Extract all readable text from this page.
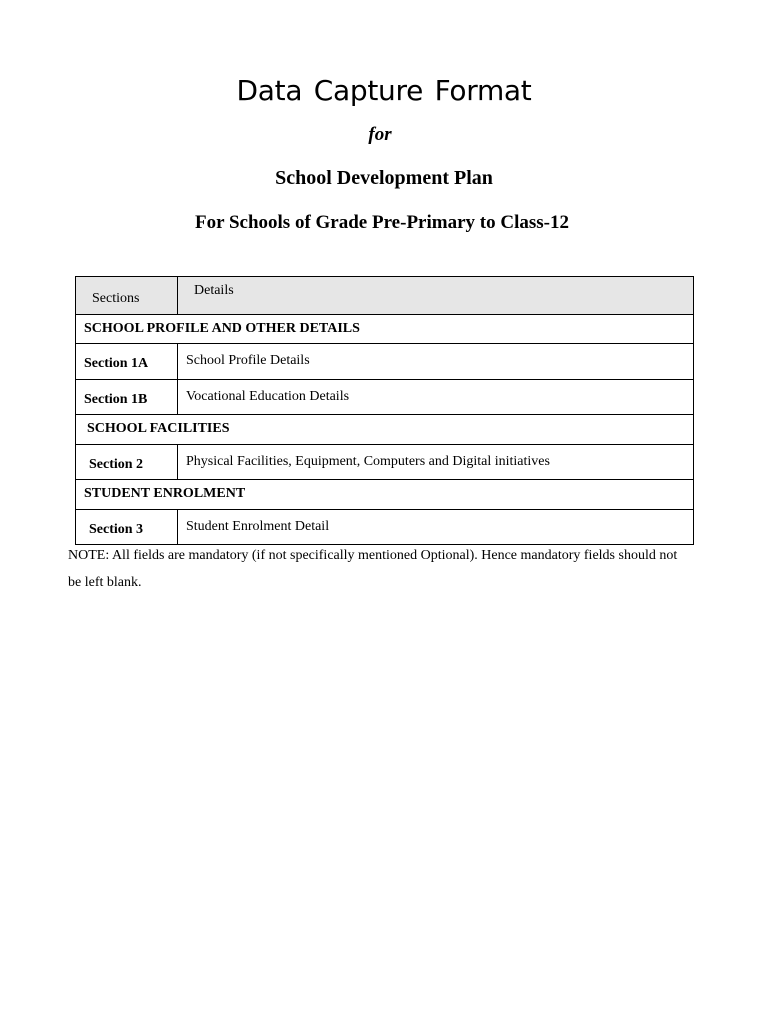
Data Capture Format
for
School Development Plan
For Schools of Grade Pre-Primary to Class-12
Sections	Details
SCHOOL PROFILE AND OTHER DETAILS	
Section 1A	School Profile Details
Section 1B	Vocational Education Details
SCHOOL FACILITIES	
Section 2	Physical Facilities, Equipment, Computers and Digital initiatives
STUDENT ENROLMENT	
Section 3	Student Enrolment Detail
NOTE: All fields are mandatory (if not specifically mentioned Optional). Hence mandatory fields should not be left blank.
